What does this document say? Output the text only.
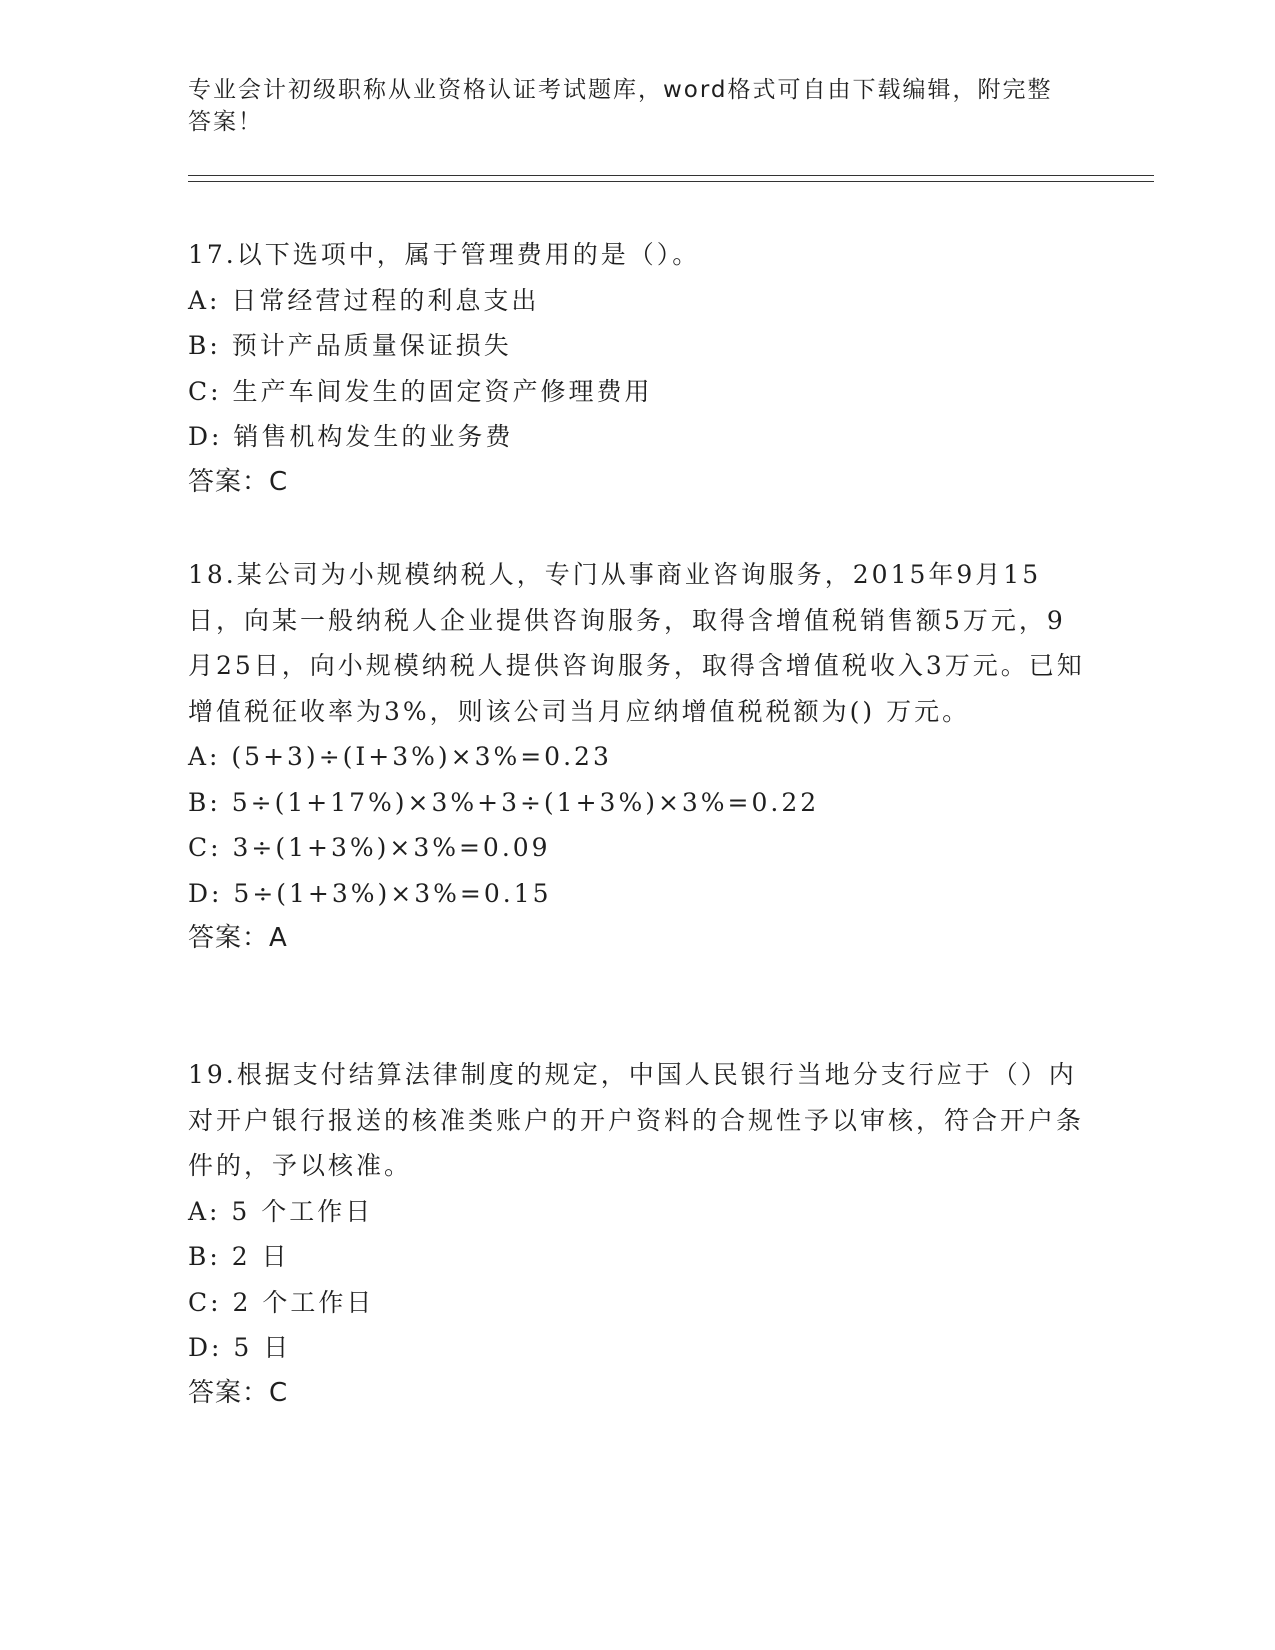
专业会计初级职称从业资格认证考试题库，word格式可自由下载编辑，附完整答案！

17.以下选项中，属于管理费用的是（）。

A: 日常经营过程的利息支出

B: 预计产品质量保证损失

C: 生产车间发生的固定资产修理费用

D: 销售机构发生的业务费

答案：C

18.某公司为小规模纳税人，专门从事商业咨询服务，2015年9月15日，向某一般纳税人企业提供咨询服务，取得含增值税销售额5万元，9月25日，向小规模纳税人提供咨询服务，取得含增值税收入3万元。已知增值税征收率为3%，则该公司当月应纳增值税税额为() 万元。

A: (5+3)÷(I+3%)×3%=0.23

B: 5÷(1+17%)×3%+3÷(1+3%)×3%=0.22

C: 3÷(1+3%)×3%=0.09

D: 5÷(1+3%)×3%=0.15

答案：A

19.根据支付结算法律制度的规定，中国人民银行当地分支行应于（）内对开户银行报送的核准类账户的开户资料的合规性予以审核，符合开户条件的，予以核准。

A: 5 个工作日

B: 2 日

C: 2 个工作日

D: 5 日

答案：C
